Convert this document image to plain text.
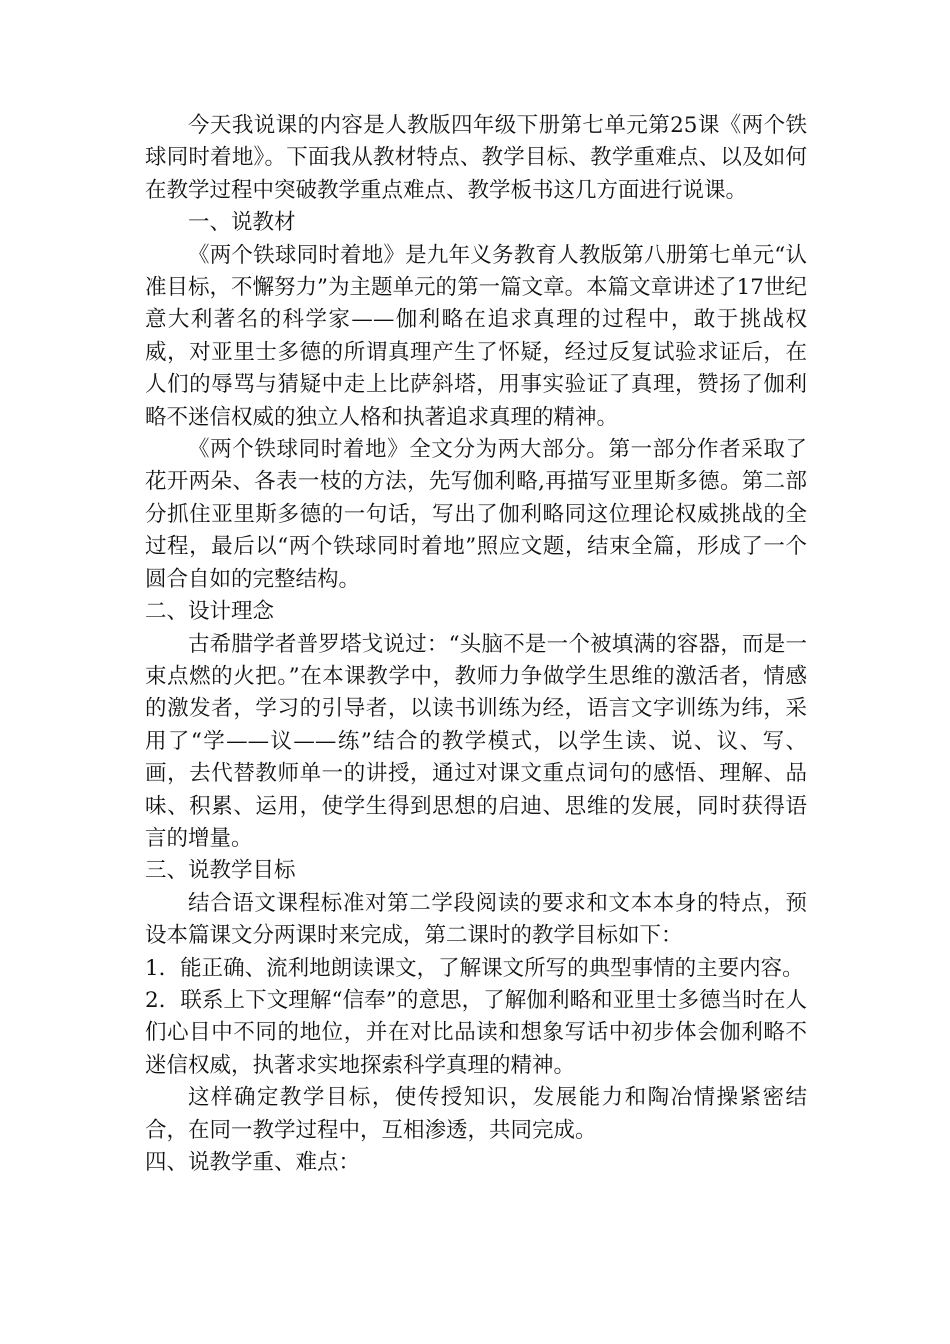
今天我说课的内容是人教版四年级下册第七单元第25课《两个铁球同时着地》。下面我从教材特点、教学目标、教学重难点、以及如何在教学过程中突破教学重点难点、教学板书这几方面进行说课。

一、说教材

《两个铁球同时着地》是九年义务教育人教版第八册第七单元“认准目标，不懈努力”为主题单元的第一篇文章。本篇文章讲述了17世纪意大利著名的科学家——伽利略在追求真理的过程中，敢于挑战权威，对亚里士多德的所谓真理产生了怀疑，经过反复试验求证后，在人们的辱骂与猜疑中走上比萨斜塔，用事实验证了真理，赞扬了伽利略不迷信权威的独立人格和执著追求真理的精神。

《两个铁球同时着地》全文分为两大部分。第一部分作者采取了花开两朵、各表一枝的方法，先写伽利略,再描写亚里斯多德。第二部分抓住亚里斯多德的一句话，写出了伽利略同这位理论权威挑战的全过程，最后以“两个铁球同时着地”照应文题，结束全篇，形成了一个圆合自如的完整结构。

二、设计理念

古希腊学者普罗塔戈说过：“头脑不是一个被填满的容器，而是一束点燃的火把。”在本课教学中，教师力争做学生思维的激活者，情感的激发者，学习的引导者，以读书训练为经，语言文字训练为纬，采用了“学——议——练”结合的教学模式，以学生读、说、议、写、画，去代替教师单一的讲授，通过对课文重点词句的感悟、理解、品味、积累、运用，使学生得到思想的启迪、思维的发展，同时获得语言的增量。

三、说教学目标

结合语文课程标准对第二学段阅读的要求和文本本身的特点，预设本篇课文分两课时来完成，第二课时的教学目标如下：

1．能正确、流利地朗读课文，了解课文所写的典型事情的主要内容。

2．联系上下文理解“信奉”的意思，了解伽利略和亚里士多德当时在人们心目中不同的地位，并在对比品读和想象写话中初步体会伽利略不迷信权威，执著求实地探索科学真理的精神。

这样确定教学目标，使传授知识，发展能力和陶冶情操紧密结合，在同一教学过程中，互相渗透，共同完成。

四、说教学重、难点：
